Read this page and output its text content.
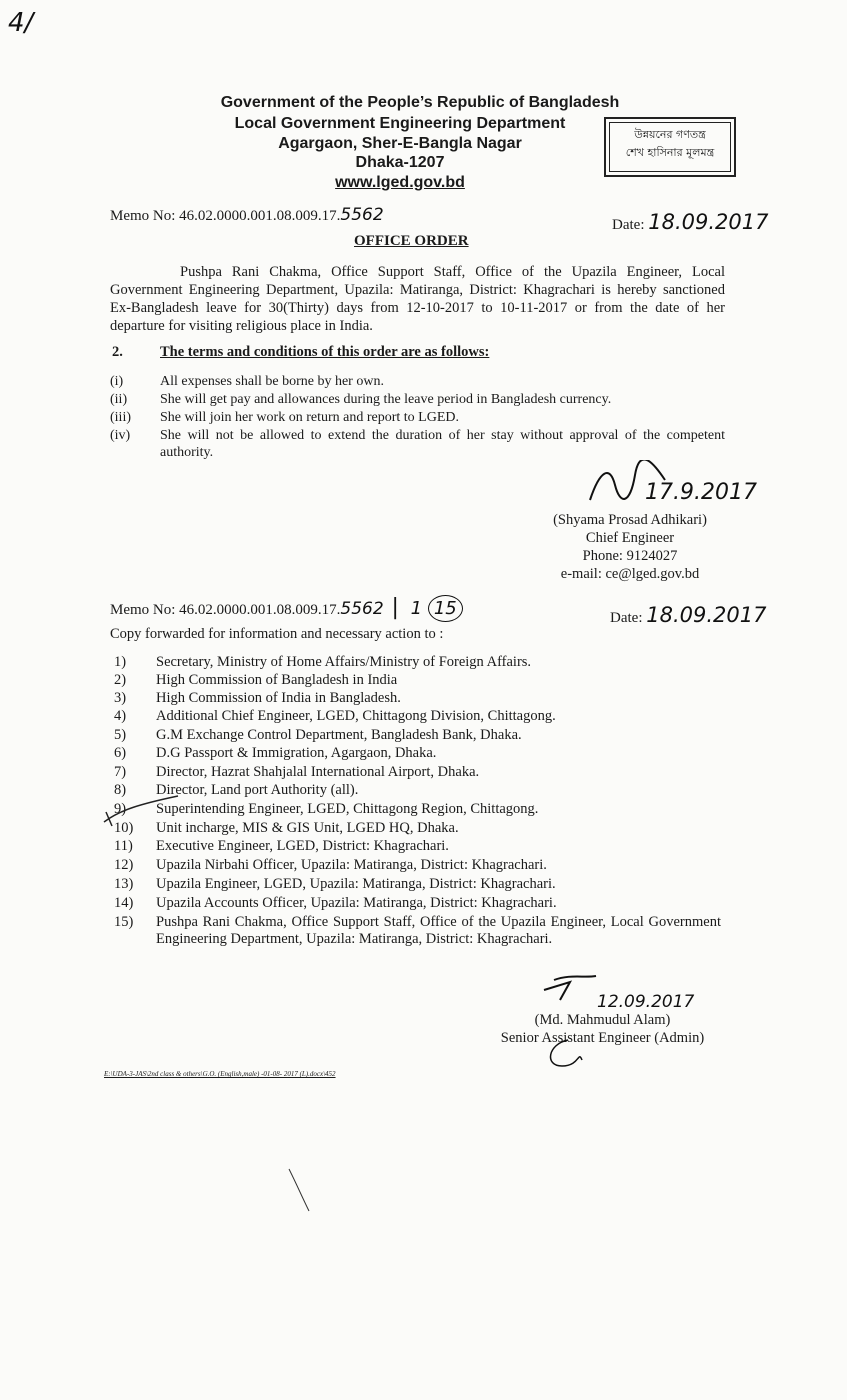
4/
Government of the People’s Republic of Bangladesh
Local Government Engineering Department
Agargaon, Sher-E-Bangla Nagar
Dhaka-1207
www.lged.gov.bd
উন্নয়নের গণতন্ত্র
শেখ হাসিনার মূলমন্ত্র
Memo No: 46.02.0000.001.08.009.17.5562	Date: 18.09.2017
OFFICE ORDER
Pushpa Rani Chakma, Office Support Staff, Office of the Upazila Engineer, Local Government Engineering Department, Upazila: Matiranga, District: Khagrachari is hereby sanctioned Ex-Bangladesh leave for 30(Thirty) days from 12-10-2017 to 10-11-2017 or from the date of her departure for visiting religious place in India.
2.	The terms and conditions of this order are as follows:
(i)	All expenses shall be borne by her own.
(ii)	She will get pay and allowances during the leave period in Bangladesh currency.
(iii)	She will join her work on return and report to LGED.
(iv)	She will not be allowed to extend the duration of her stay without approval of the competent authority.
17.9.2017
(Shyama Prosad Adhikari)
Chief Engineer
Phone: 9124027
e-mail: ce@lged.gov.bd
Memo No: 46.02.0000.001.08.009.17.5562 | 1 15	Date: 18.09.2017
Copy forwarded for information and necessary action to :
1)	Secretary, Ministry of Home Affairs/Ministry of Foreign Affairs.
2)	High Commission of Bangladesh in India
3)	High Commission of India in Bangladesh.
4)	Additional Chief Engineer, LGED, Chittagong Division, Chittagong.
5)	G.M Exchange Control Department, Bangladesh Bank, Dhaka.
6)	D.G Passport & Immigration, Agargaon, Dhaka.
7)	Director, Hazrat Shahjalal International Airport, Dhaka.
8)	Director, Land port Authority (all).
9)	Superintending Engineer, LGED, Chittagong Region, Chittagong.
10)	Unit incharge, MIS & GIS Unit, LGED HQ, Dhaka.
11)	Executive Engineer, LGED, District: Khagrachari.
12)	Upazila Nirbahi Officer, Upazila: Matiranga, District: Khagrachari.
13)	Upazila Engineer, LGED, Upazila: Matiranga, District: Khagrachari.
14)	Upazila Accounts Officer, Upazila: Matiranga, District: Khagrachari.
15)	Pushpa Rani Chakma, Office Support Staff, Office of the Upazila Engineer, Local Government Engineering Department, Upazila: Matiranga, District: Khagrachari.
12.09.2017
(Md. Mahmudul Alam)
Senior Assistant Engineer (Admin)
E:\UDA-3-JAS\2nd class & others\G.O. (English,male) -01-08- 2017 (L).docx\452
